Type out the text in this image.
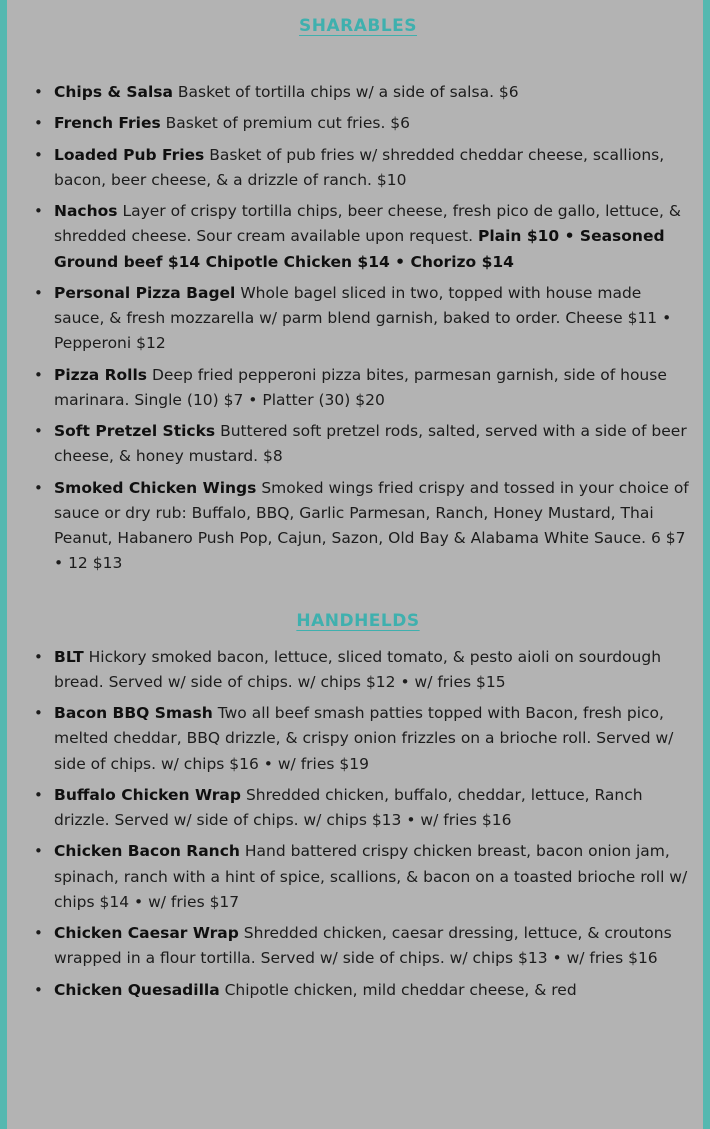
SHARABLES
• Chips & Salsa Basket of tortilla chips w/ a side of salsa. $6
• French Fries Basket of premium cut fries. $6
• Loaded Pub Fries Basket of pub fries w/ shredded cheddar cheese, scallions, bacon, beer cheese, & a drizzle of ranch. $10
• Nachos Layer of crispy tortilla chips, beer cheese, fresh pico de gallo, lettuce, & shredded cheese. Sour cream available upon request. Plain $10 • Seasoned Ground beef $14 Chipotle Chicken $14 • Chorizo $14
• Personal Pizza Bagel Whole bagel sliced in two, topped with house made sauce, & fresh mozzarella w/ parm blend garnish, baked to order. Cheese $11 • Pepperoni $12
• Pizza Rolls Deep fried pepperoni pizza bites, parmesan garnish, side of house marinara. Single (10) $7 • Platter (30) $20
• Soft Pretzel Sticks Buttered soft pretzel rods, salted, served with a side of beer cheese, & honey mustard. $8
• Smoked Chicken Wings Smoked wings fried crispy and tossed in your choice of sauce or dry rub: Buffalo, BBQ, Garlic Parmesan, Ranch, Honey Mustard, Thai Peanut, Habanero Push Pop, Cajun, Sazon, Old Bay & Alabama White Sauce. 6 $7 • 12 $13
HANDHELDS
• BLT Hickory smoked bacon, lettuce, sliced tomato, & pesto aioli on sourdough bread. Served w/ side of chips. w/ chips $12 • w/ fries $15
• Bacon BBQ Smash Two all beef smash patties topped with Bacon, fresh pico, melted cheddar, BBQ drizzle, & crispy onion frizzles on a brioche roll. Served w/ side of chips. w/ chips $16 • w/ fries $19
• Buffalo Chicken Wrap Shredded chicken, buffalo, cheddar, lettuce, Ranch drizzle. Served w/ side of chips. w/ chips $13 • w/ fries $16
• Chicken Bacon Ranch Hand battered crispy chicken breast, bacon onion jam, spinach, ranch with a hint of spice, scallions, & bacon on a toasted brioche roll w/ chips $14 • w/ fries $17
• Chicken Caesar Wrap Shredded chicken, caesar dressing, lettuce, & croutons wrapped in a flour tortilla. Served w/ side of chips. w/ chips $13 • w/ fries $16
• Chicken Quesadilla Chipotle chicken, mild cheddar cheese, & red
